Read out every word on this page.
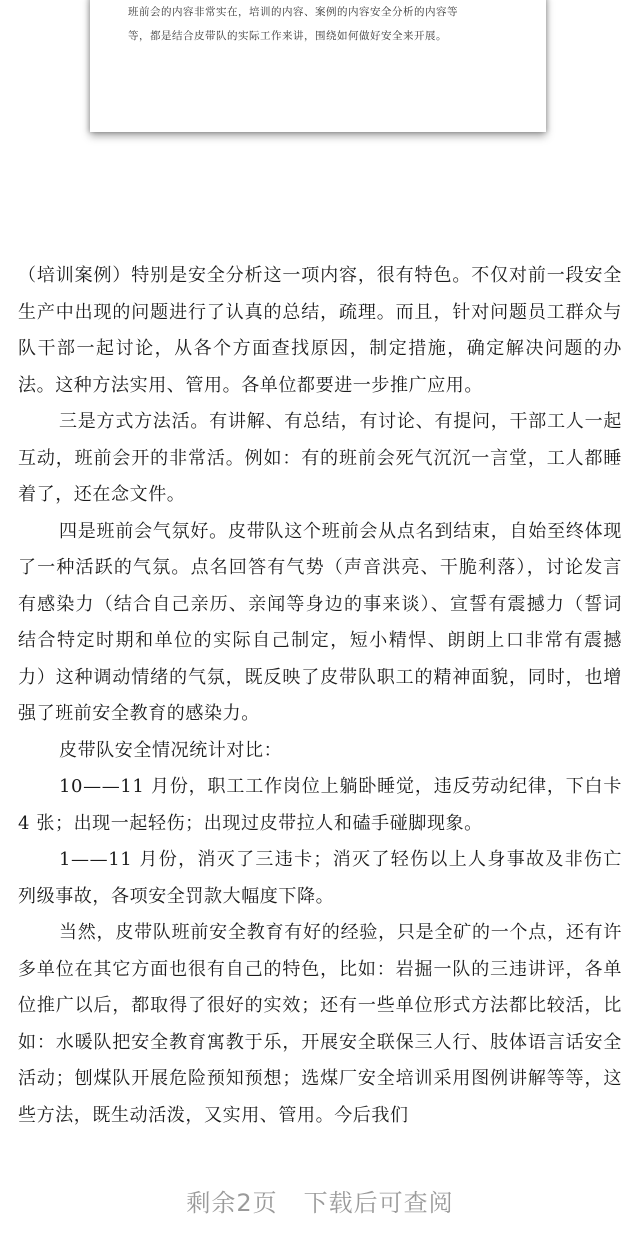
班前会的内容非常实在，培训的内容、案例的内容安全分析的内容等
等，都是结合皮带队的实际工作来讲，围绕如何做好安全来开展。

（培训案例）特别是安全分析这一项内容，很有特色。不仅对前一段安全生产中出现的问题进行了认真的总结，疏理。而且，针对问题员工群众与队干部一起讨论，从各个方面查找原因，制定措施，确定解决问题的办法。这种方法实用、管用。各单位都要进一步推广应用。

三是方式方法活。有讲解、有总结，有讨论、有提问，干部工人一起互动，班前会开的非常活。例如：有的班前会死气沉沉一言堂，工人都睡着了，还在念文件。

四是班前会气氛好。皮带队这个班前会从点名到结束，自始至终体现了一种活跃的气氛。点名回答有气势（声音洪亮、干脆利落），讨论发言有感染力（结合自己亲历、亲闻等身边的事来谈）、宣誓有震撼力（誓词结合特定时期和单位的实际自己制定，短小精悍、朗朗上口非常有震撼力）这种调动情绪的气氛，既反映了皮带队职工的精神面貌，同时，也增强了班前安全教育的感染力。

皮带队安全情况统计对比：

10——11 月份，职工工作岗位上躺卧睡觉，违反劳动纪律，下白卡 4 张；出现一起轻伤；出现过皮带拉人和磕手碰脚现象。

1——11 月份，消灭了三违卡；消灭了轻伤以上人身事故及非伤亡列级事故，各项安全罚款大幅度下降。

当然，皮带队班前安全教育有好的经验，只是全矿的一个点，还有许多单位在其它方面也很有自己的特色，比如：岩掘一队的三违讲评，各单位推广以后，都取得了很好的实效；还有一些单位形式方法都比较活，比如：水暖队把安全教育寓教于乐，开展安全联保三人行、肢体语言话安全活动；刨煤队开展危险预知预想；选煤厂安全培训采用图例讲解等等，这些方法，既生动活泼，又实用、管用。今后我们

剩余2页 下载后可查阅
